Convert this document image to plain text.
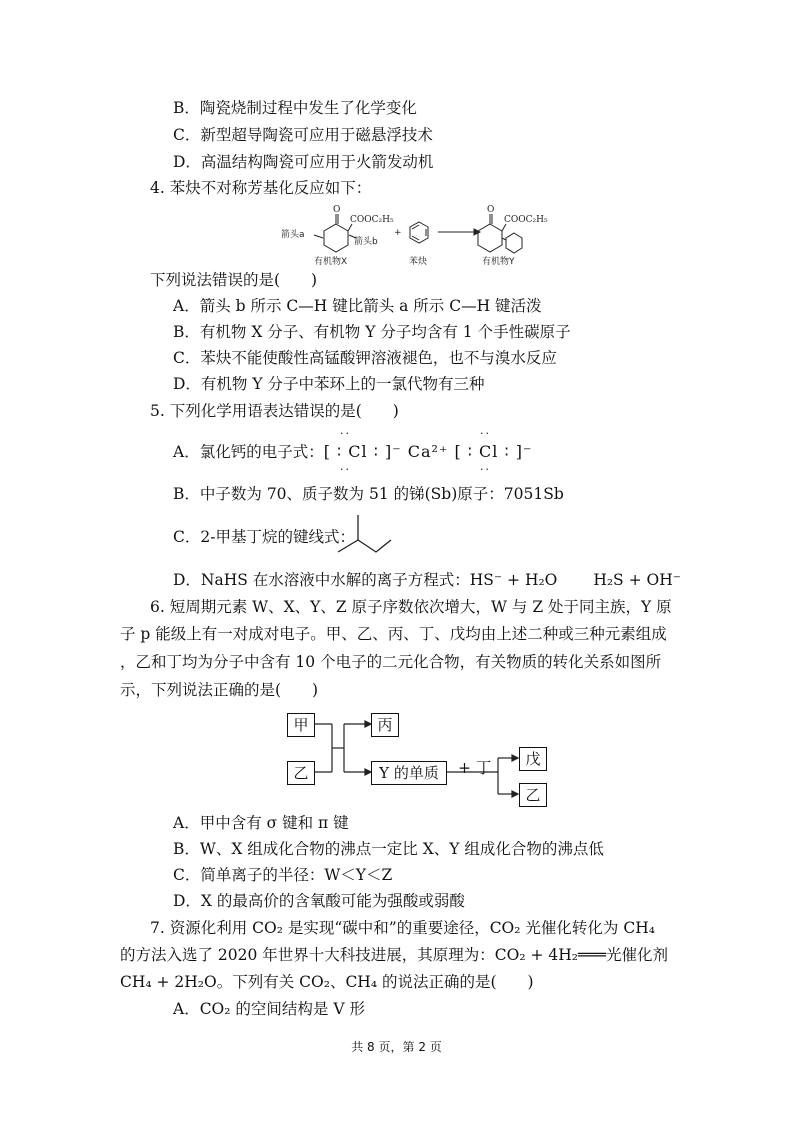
B．陶瓷烧制过程中发生了化学变化
C．新型超导陶瓷可应用于磁悬浮技术
D．高温结构陶瓷可应用于火箭发动机
4. 苯炔不对称芳基化反应如下：
O
COOC₂H₅
箭头a
箭头b
有机物X
+
苯炔
O
COOC₂H₅
有机物Y
下列说法错误的是(　　)
A．箭头 b 所示 C—H 键比箭头 a 所示 C—H 键活泼
B．有机物 X 分子、有机物 Y 分子均含有 1 个手性碳原子
C．苯炔不能使酸性高锰酸钾溶液褪色，也不与溴水反应
D．有机物 Y 分子中苯环上的一氯代物有三种
5. 下列化学用语表达错误的是(　　)
A．氯化钙的电子式：[ ∶ Cl ∶ ]⁻ Ca²⁺ [ ∶ Cl ∶ ]⁻
··
··
··
··
B．中子数为 70、质子数为 51 的锑(Sb)原子：7051Sb
C．2-甲基丁烷的键线式：
D．NaHS 在水溶液中水解的离子方程式：HS⁻ + H₂O　　 H₂S + OH⁻
6. 短周期元素 W、X、Y、Z 原子序数依次增大，W 与 Z 处于同主族，Y 原
子 p 能级上有一对成对电子。甲、乙、丙、丁、戊均由上述二种或三种元素组成
，乙和丁均为分子中含有 10 个电子的二元化合物，有关物质的转化关系如图所
示，下列说法正确的是(　　)
甲
乙
丙
Y 的单质	+ 丁	戊
乙
A．甲中含有 σ 键和 π 键
B．W、X 组成化合物的沸点一定比 X、Y 组成化合物的沸点低
C．简单离子的半径：W＜Y＜Z
D．X 的最高价的含氧酸可能为强酸或弱酸
7. 资源化利用 CO₂ 是实现“碳中和”的重要途径，CO₂ 光催化转化为 CH₄
的方法入选了 2020 年世界十大科技进展，其原理为：CO₂ + 4H₂═══光催化剂
CH₄ + 2H₂O。下列有关 CO₂、CH₄ 的说法正确的是(　　)
A．CO₂ 的空间结构是 V 形
共 8 页，第 2 页
